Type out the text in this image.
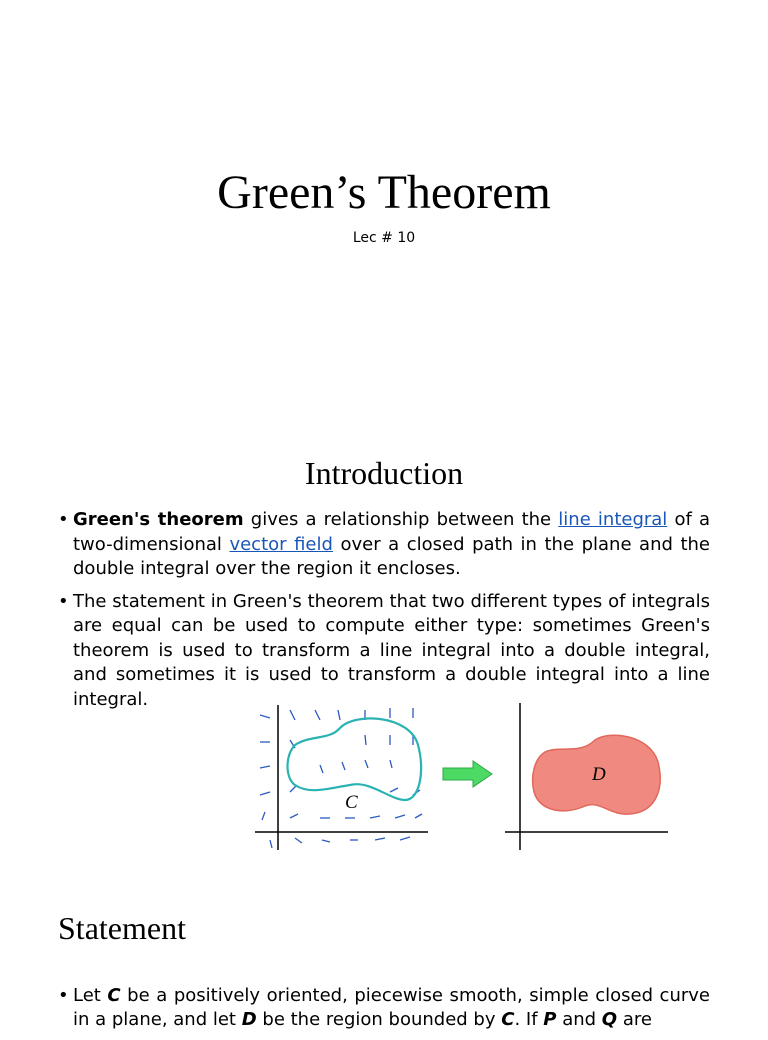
Green’s Theorem
Lec # 10
Introduction
• Green's theorem gives a relationship between the line integral of a two-dimensional vector field over a closed path in the plane and the double integral over the region it encloses.
• The statement in Green's theorem that two different types of integrals are equal can be used to compute either type: sometimes Green's theorem is used to transform a line integral into a double integral, and sometimes it is used to transform a double integral into a line integral.
C
D
Statement
• Let C be a positively oriented, piecewise smooth, simple closed curve in a plane, and let D be the region bounded by C. If P and Q are
